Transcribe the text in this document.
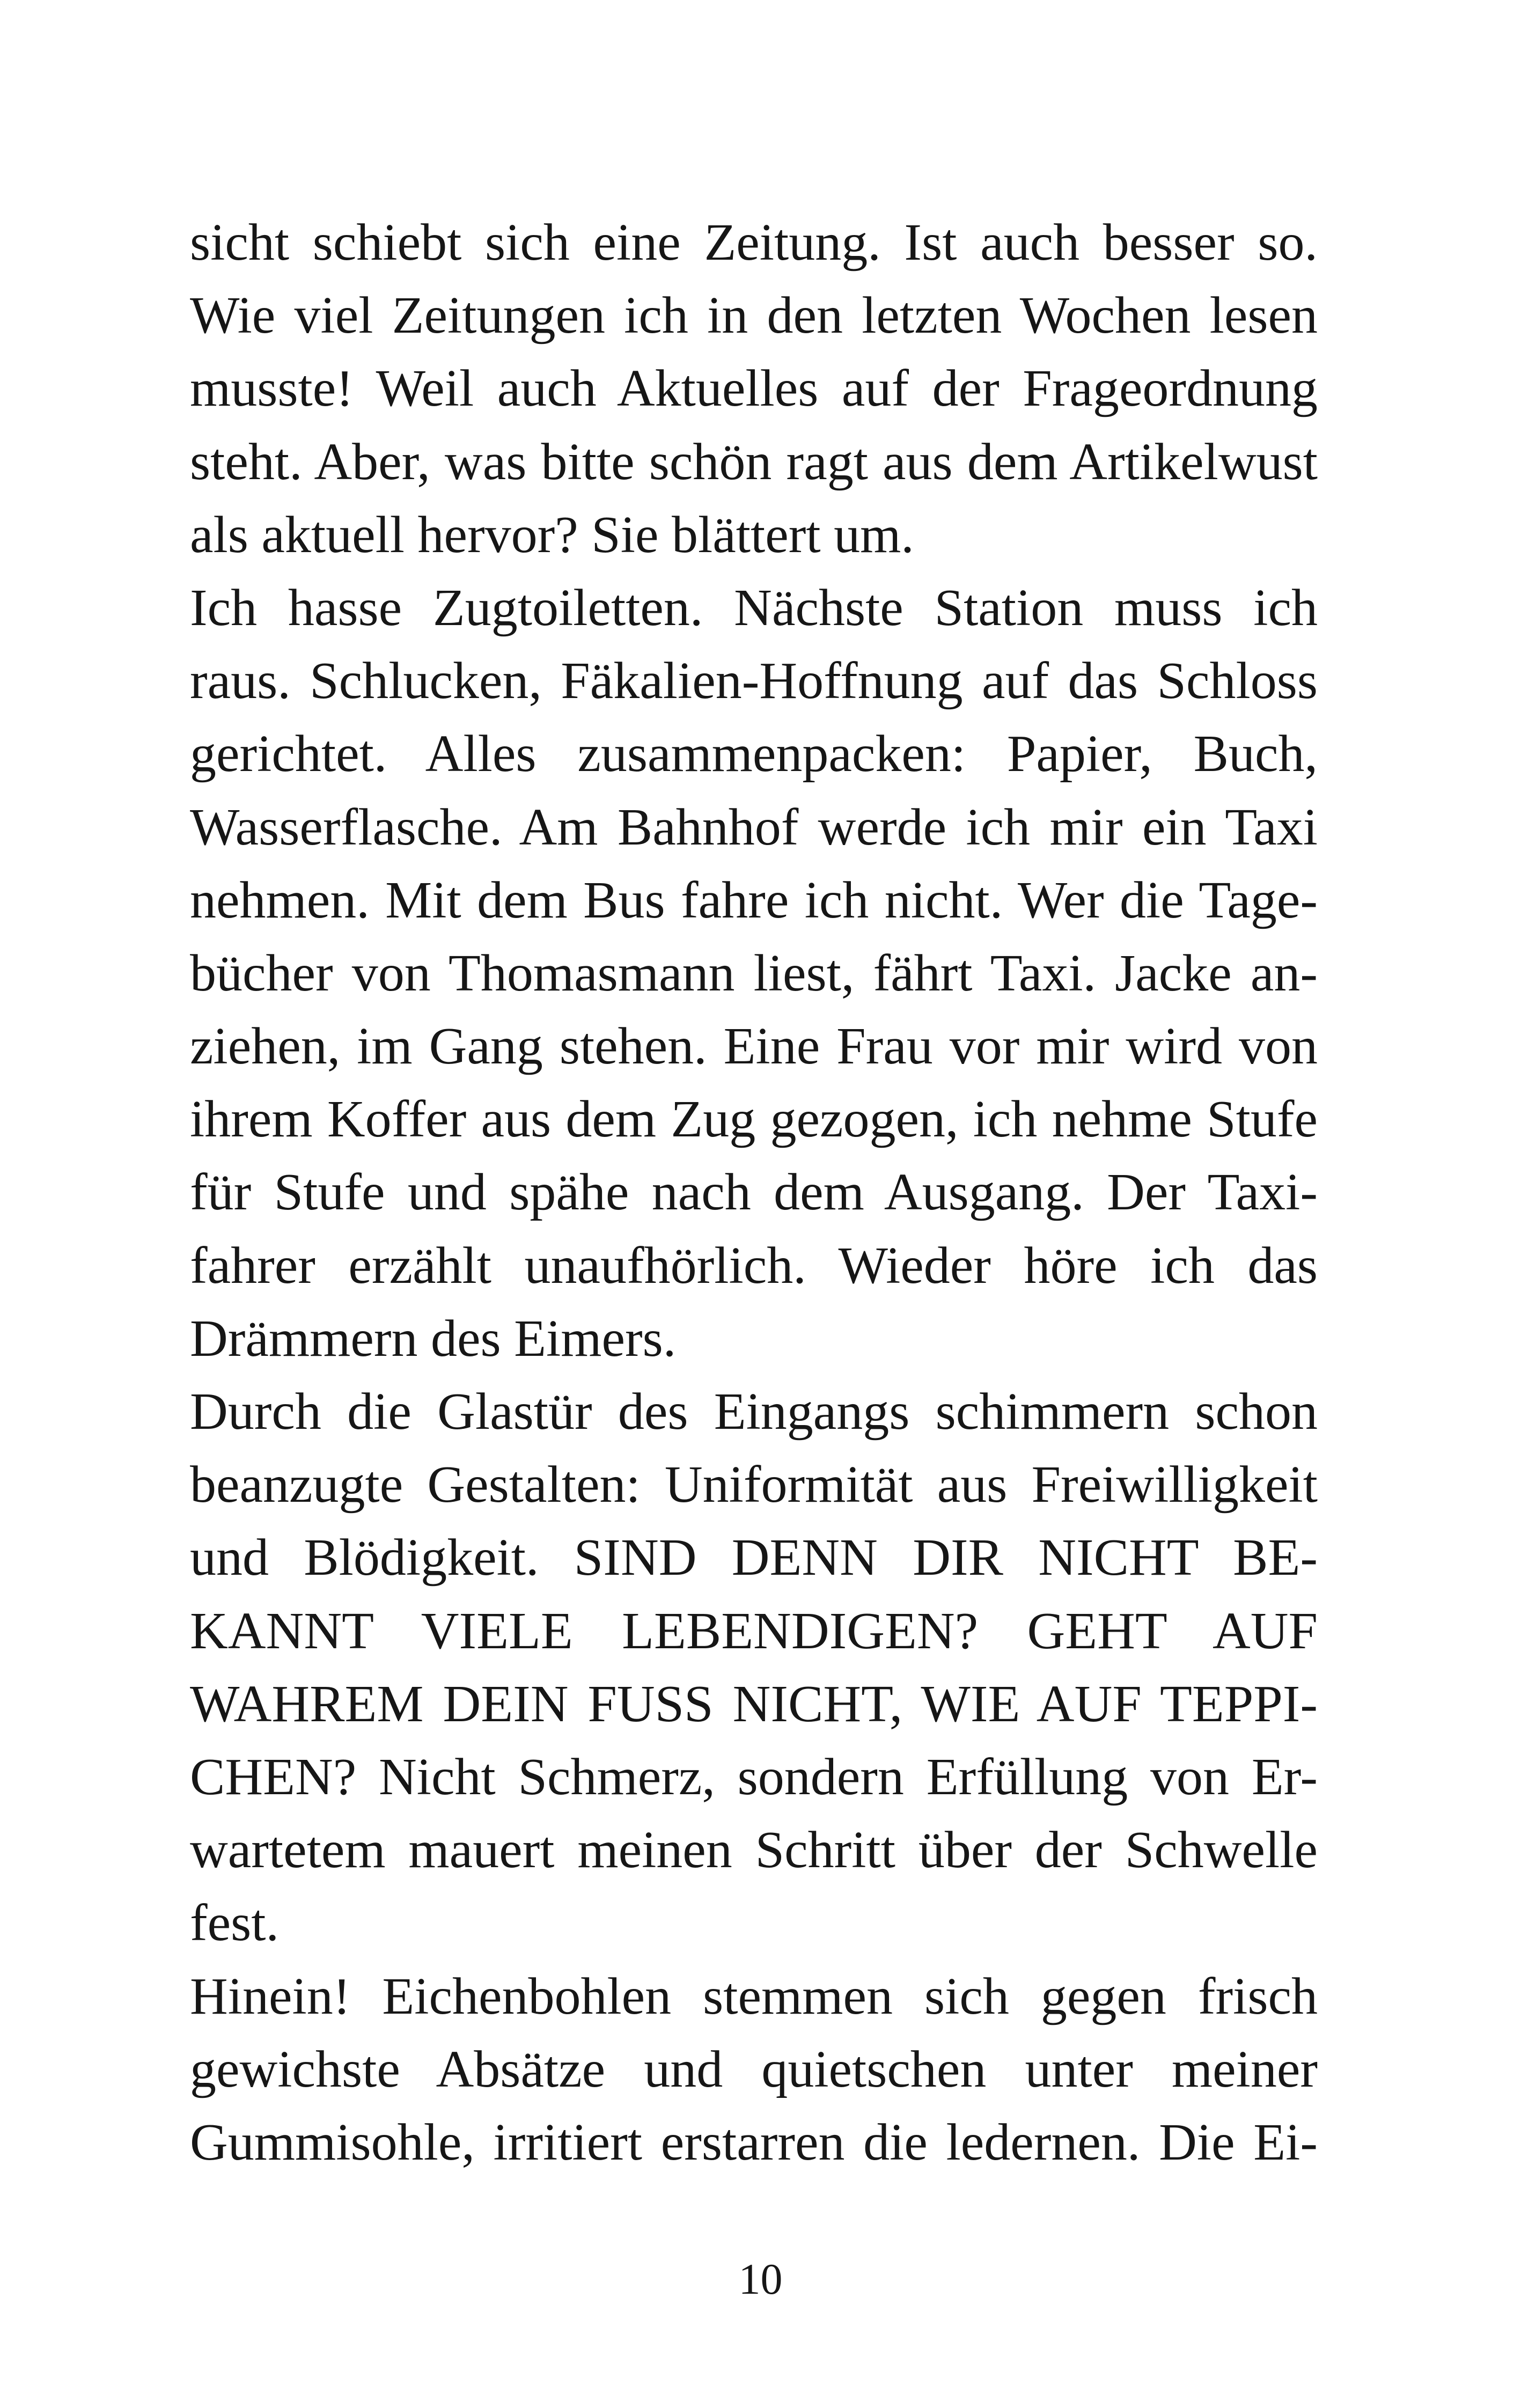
sicht schiebt sich eine Zeitung. Ist auch besser so.
Wie viel Zeitungen ich in den letzten Wochen lesen
musste! Weil auch Aktuelles auf der Frageordnung
steht. Aber, was bitte schön ragt aus dem Artikelwust
als aktuell hervor? Sie blättert um.
Ich hasse Zugtoiletten. Nächste Station muss ich
raus. Schlucken, Fäkalien-Hoffnung auf das Schloss
gerichtet. Alles zusammenpacken: Papier, Buch,
Wasserflasche. Am Bahnhof werde ich mir ein Taxi
nehmen. Mit dem Bus fahre ich nicht. Wer die Tage-
bücher von Thomasmann liest, fährt Taxi. Jacke an-
ziehen, im Gang stehen. Eine Frau vor mir wird von
ihrem Koffer aus dem Zug gezogen, ich nehme Stufe
für Stufe und spähe nach dem Ausgang. Der Taxi-
fahrer erzählt unaufhörlich. Wieder höre ich das
Drämmern des Eimers.
Durch die Glastür des Eingangs schimmern schon
beanzugte Gestalten: Uniformität aus Freiwilligkeit
und Blödigkeit. SIND DENN DIR NICHT BE-
KANNT VIELE LEBENDIGEN? GEHT AUF
WAHREM DEIN FUSS NICHT, WIE AUF TEPPI-
CHEN? Nicht Schmerz, sondern Erfüllung von Er-
wartetem mauert meinen Schritt über der Schwelle
fest.
Hinein! Eichenbohlen stemmen sich gegen frisch
gewichste Absätze und quietschen unter meiner
Gummisohle, irritiert erstarren die ledernen. Die Ei-
10
